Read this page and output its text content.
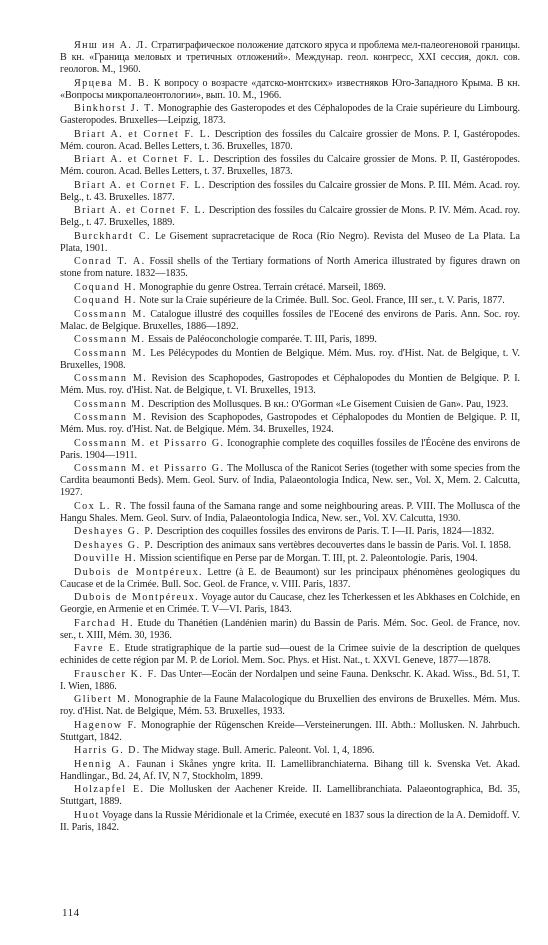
Янш ин А. Л. Стратиграфическое положение датского яруса и проблема мел-палеогеновой границы. В кн. «Граница меловых и третичных отложений». Междунар. геол. конгресс, XXI сессия, докл. сов. геологов. М., 1960.

Ярцева М. В. К вопросу о возрасте «датско-монтских» известняков Юго-Западного Крыма. В кн. «Вопросы микропалеонтологии», вып. 10. М., 1966.

Binkhorst J. T. Monographie des Gasteropodes et des Céphalopodes de la Craie supérieure du Limbourg. Gasteropodes. Bruxelles—Leipzig, 1873.

Briart A. et Cornet F. L. Description des fossiles du Calcaire grossier de Mons. P. I, Gastéropodes. Mém. couron. Acad. Belles Letters, t. 36. Bruxelles, 1870.

Briart A. et Cornet F. L. Description des fossiles du Calcaire grossier de Mons. P. II, Gastéropodes. Mém. couron. Acad. Belles Letters, t. 37. Bruxelles, 1873.

Briart A. et Cornet F. L. Description des fossiles du Calcaire grossier de Mons. P. III. Mém. Acad. roy. Belg., t. 43. Bruxelles. 1877.

Briart A. et Cornet F. L. Description des fossiles du Calcaire grossier de Mons. P. IV. Mém. Acad. roy. Belg., t. 47. Bruxelles, 1889.

Burckhardt C. Le Gisement supracretacique de Roca (Rio Negro). Revista del Museo de La Plata. La Plata, 1901.

Conrad T. A. Fossil shells of the Tertiary formations of North America illustrated by figures drawn on stone from nature. 1832—1835.

Coquand H. Monographie du genre Ostrea. Terrain crétacé. Marseil, 1869.

Coquand H. Note sur la Craie supérieure de la Crimée. Bull. Soc. Geol. France, III ser., t. V. Paris, 1877.

Cossmann M. Catalogue illustré des coquilles fossiles de l'Eocené des environs de Paris. Ann. Soc. roy. Malac. de Belgique. Bruxelles, 1886—1892.

Cossmann M. Essais de Paléoconchologie comparée. T. III, Paris, 1899.

Cossmann M. Les Pélécypodes du Montien de Belgique. Mém. Mus. roy. d'Hist. Nat. de Belgique, t. V. Bruxelles, 1908.

Cossmann M. Revision des Scaphopodes, Gastropodes et Céphalopodes du Montien de Belgique. P. I. Mém. Mus. roy. d'Hist. Nat. de Belgique, t. VI. Bruxelles, 1913.

Cossmann M. Description des Mollusques. В кн.: O'Gorman «Le Gisement Cuisien de Gan». Pau, 1923.

Cossmann M. Revision des Scaphopodes, Gastropodes et Céphalopodes du Montien de Belgique. P. II, Mém. Mus. roy. d'Hist. Nat. de Belgique. Mém. 34. Bruxelles, 1924.

Cossmann M. et Pissarro G. Iconographie complete des coquilles fossiles de l'Éocène des environs de Paris. 1904—1911.

Cossmann M. et Pissarro G. The Mollusca of the Ranicot Series (together with some species from the Cardita beaumonti Beds). Mem. Geol. Surv. of India, Palaeontologia Indica, New. ser., Vol. X, Mem. 2. Calcutta, 1927.

Cox L. R. The fossil fauna of the Samana range and some neighbouring areas. P. VIII. The Mollusca of the Hangu Shales. Mem. Geol. Surv. of India, Palaeontologia Indica, New. ser., Vol. XV. Calcutta, 1930.

Deshayes G. P. Description des coquilles fossiles des environs de Paris. T. I—II. Paris, 1824—1832.

Deshayes G. P. Description des animaux sans vertèbres decouvertes dans le bassin de Paris. Vol. I. 1858.

Douville H. Mission scientifique en Perse par de Morgan. T. III, pt. 2. Paleontologie. Paris, 1904.

Dubois de Montpéreux. Lettre (à E. de Beaumont) sur les principaux phénomènes geologiques du Caucase et de la Crimée. Bull. Soc. Geol. de France, v. VIII. Paris, 1837.

Dubois de Montpéreux. Voyage autor du Caucase, chez les Tcherkessen et les Abkhases en Colchide, en Georgie, en Armenie et en Crimée. T. V—VI. Paris, 1843.

Farchad H. Etude du Thanétien (Landénien marin) du Bassin de Paris. Mém. Soc. Geol. de France, nov. ser., t. XIII, Mém. 30, 1936.

Favre E. Etude stratigraphique de la partie sud—ouest de la Crimee suivie de la description de quelques echinides de cette région par M. P. de Loriol. Mem. Soc. Phys. et Hist. Nat., t. XXVI. Geneve, 1877—1878.

Frauscher K. F. Das Unter—Eocän der Nordalpen und seine Fauna. Denkschr. K. Akad. Wiss., Bd. 51, T. I. Wien, 1886.

Glibert M. Monographie de la Faune Malacologique du Bruxellien des environs de Bruxelles. Mém. Mus. roy. d'Hist. Nat. de Belgique, Mém. 53. Bruxelles, 1933.

Hagenow F. Monographie der Rügenschen Kreide—Versteinerungen. III. Abth.: Mollusken. N. Jahrbuch. Stuttgart, 1842.

Harris G. D. The Midway stage. Bull. Americ. Paleont. Vol. 1, 4, 1896.

Hennig A. Faunan i Skånes yngre krita. II. Lamellibranchiaterna. Bihang till k. Svenska Vet. Akad. Handlingar., Bd. 24, Af. IV, N 7, Stockholm, 1899.

Holzapfel E. Die Mollusken der Aachener Kreide. II. Lamellibranchiata. Palaeontographica, Bd. 35, Stuttgart, 1889.

Huot Voyage dans la Russie Méridionale et la Crimée, executé en 1837 sous la direction de la A. Demidoff. V. II. Paris, 1842.

114
